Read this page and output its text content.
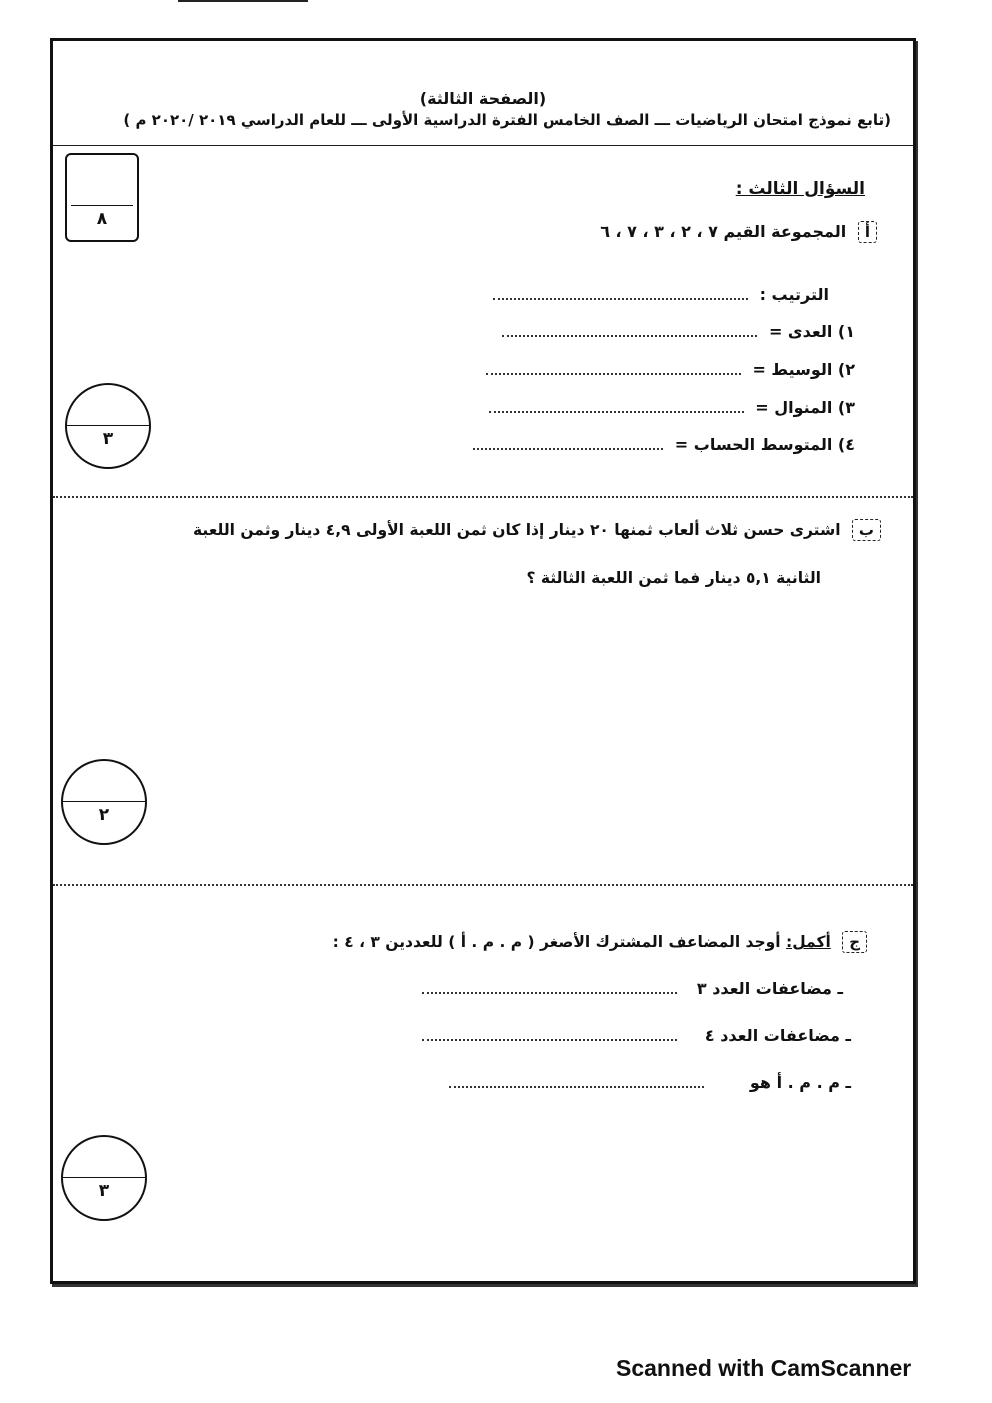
(الصفحة الثالثة)
(تابع نموذج امتحان الرياضيات ـــ الصف الخامس الفترة الدراسية الأولى ـــ للعام الدراسي ٢٠١٩ /٢٠٢٠ م )
٨
السؤال الثالث :
أ المجموعة القيم ٧ ، ٢ ، ٣ ، ٧ ، ٦
الترتيب :
١) العدى =
٢) الوسيط =
٣) المنوال =
٤) المتوسط الحساب =
٣
ب اشترى حسن ثلاث ألعاب ثمنها ٢٠ دينار إذا كان ثمن اللعبة الأولى ٤,٩ دينار وثمن اللعبة
الثانية ٥,١ دينار فما ثمن اللعبة الثالثة ؟
٢
ج أكمل: أوجد المضاعف المشترك الأصغر ( م . م . أ ) للعددين ٣ ، ٤ :
ـ مضاعفات العدد ٣
ـ مضاعفات العدد ٤
ـ م . م . أ هو
٣
Scanned with CamScanner
